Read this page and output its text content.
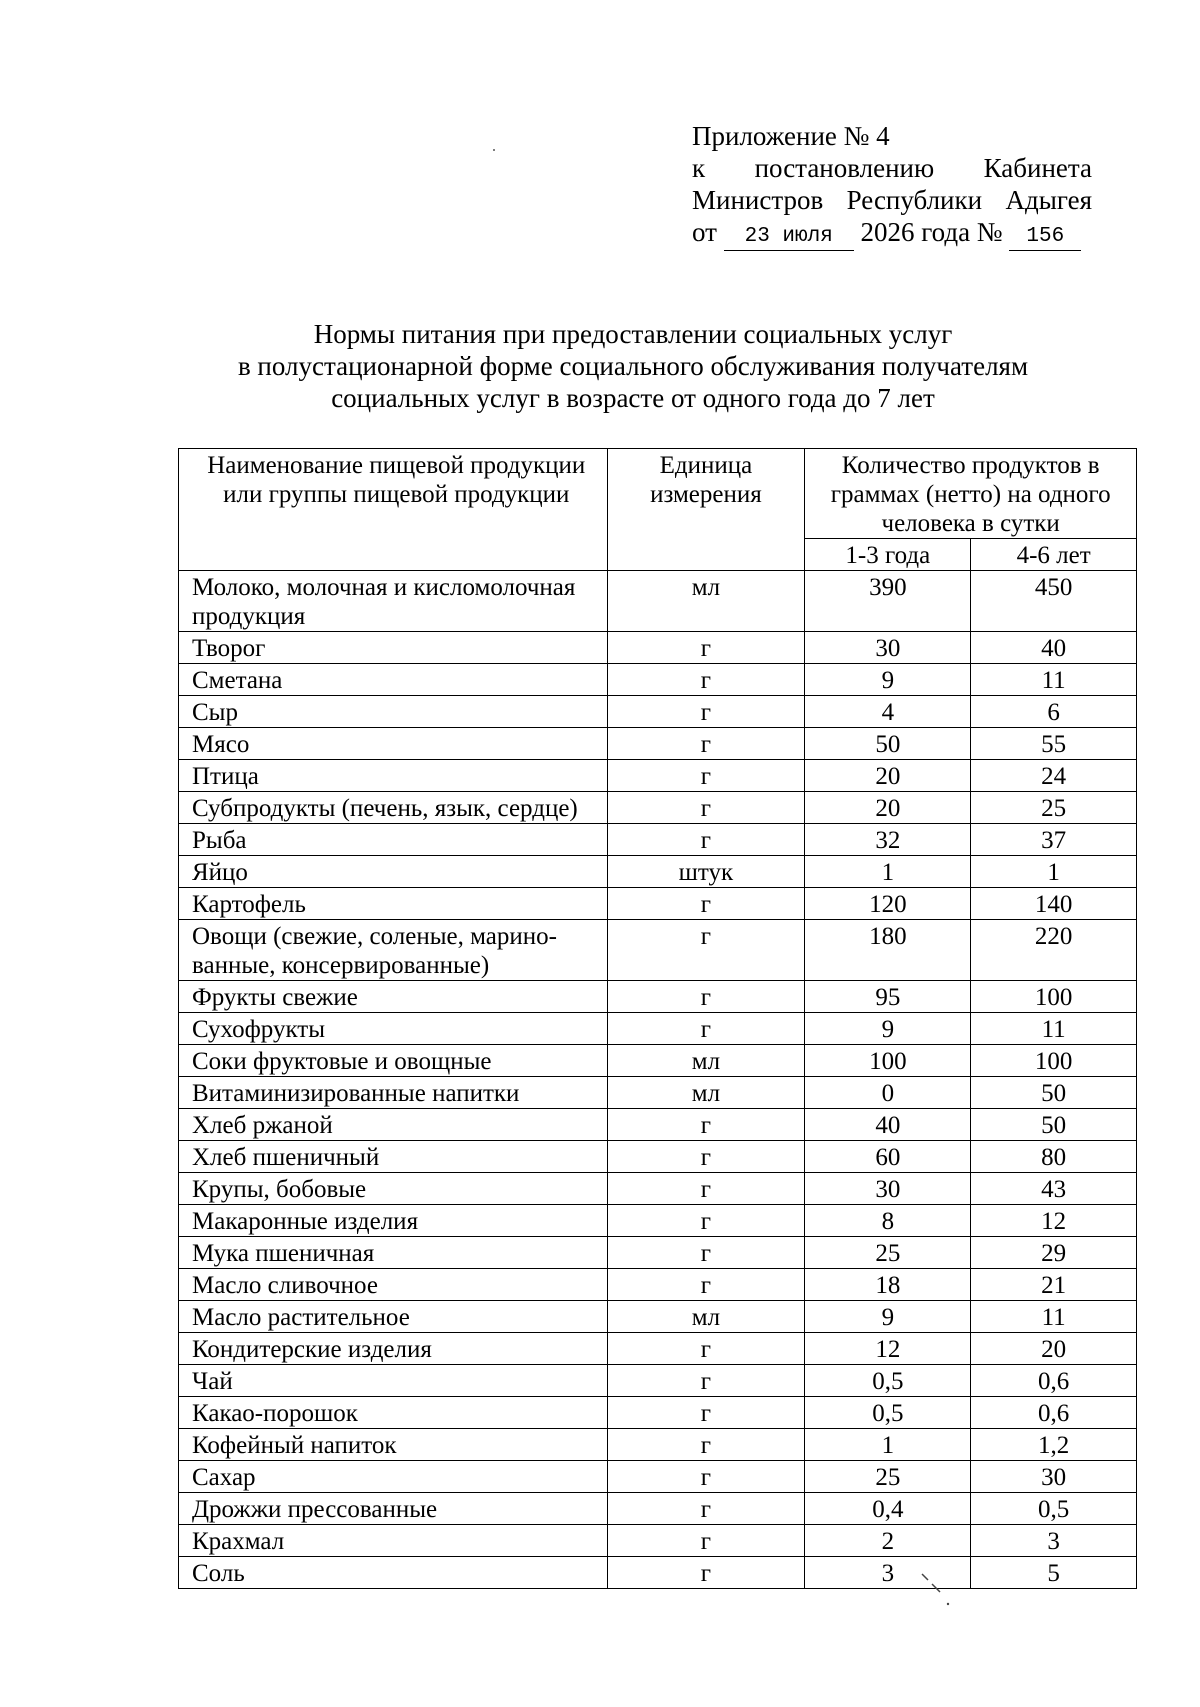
Приложение № 4
к постановлению Кабинета
Министров Республики Адыгея
от 23 июля 2026 года № 156
Нормы питания при предоставлении социальных услуг
в полустационарной форме социального обслуживания получателям
социальных услуг в возрасте от одного года до 7 лет
Наименование пищевой продукции или группы пищевой продукции	Единица измерения	Количество продуктов в граммах (нетто) на одного человека в сутки	
		1-3 года	4-6 лет
Молоко, молочная и кисломолочная продукция	мл	390	450
Творог	г	30	40
Сметана	г	9	11
Сыр	г	4	6
Мясо	г	50	55
Птица	г	20	24
Субпродукты (печень, язык, сердце)	г	20	25
Рыба	г	32	37
Яйцо	штук	1	1
Картофель	г	120	140
Овощи (свежие, соленые, марино-ванные, консервированные)	г	180	220
Фрукты свежие	г	95	100
Сухофрукты	г	9	11
Соки фруктовые и овощные	мл	100	100
Витаминизированные напитки	мл	0	50
Хлеб ржаной	г	40	50
Хлеб пшеничный	г	60	80
Крупы, бобовые	г	30	43
Макаронные изделия	г	8	12
Мука пшеничная	г	25	29
Масло сливочное	г	18	21
Масло растительное	мл	9	11
Кондитерские изделия	г	12	20
Чай	г	0,5	0,6
Какао-порошок	г	0,5	0,6
Кофейный напиток	г	1	1,2
Сахар	г	25	30
Дрожжи прессованные	г	0,4	0,5
Крахмал	г	2	3
Соль	г	3	5
